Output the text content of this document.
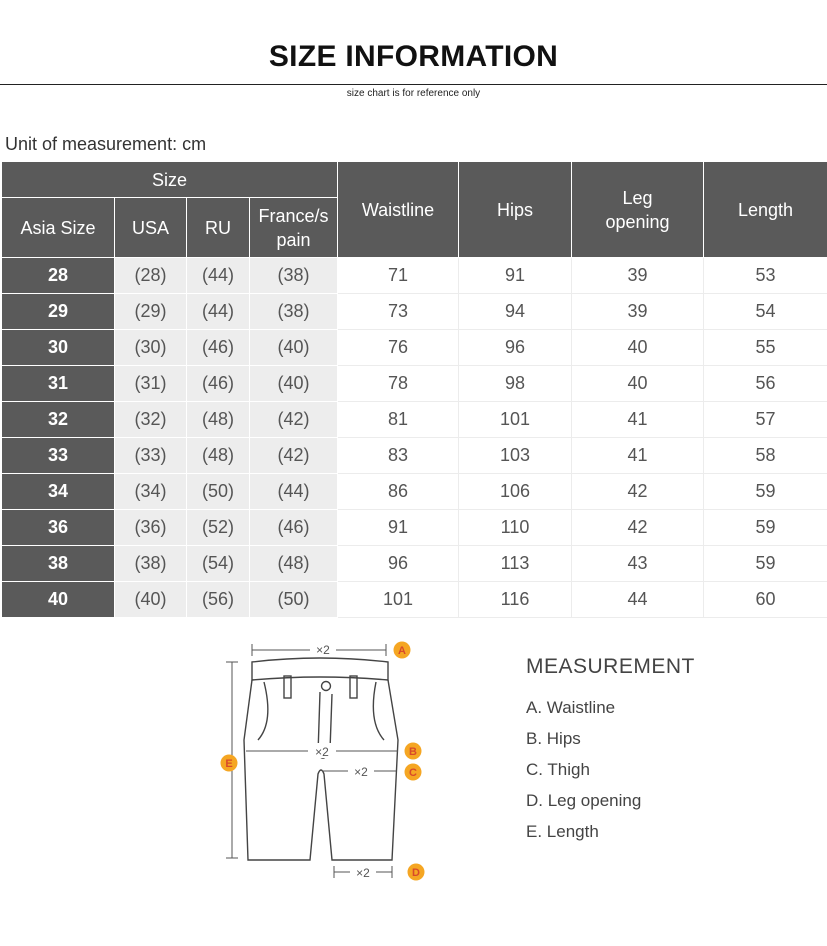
SIZE INFORMATION
size chart is for reference only
Unit of measurement: cm
Size				Waistline	Hips	Leg
opening	Length
Asia Size	USA	RU	France/s
pain				
28	(28)	(44)	(38)	71	91	39	53
29	(29)	(44)	(38)	73	94	39	54
30	(30)	(46)	(40)	76	96	40	55
31	(31)	(46)	(40)	78	98	40	56
32	(32)	(48)	(42)	81	101	41	57
33	(33)	(48)	(42)	83	103	41	58
34	(34)	(50)	(44)	86	106	42	59
36	(36)	(52)	(46)	91	110	42	59
38	(38)	(54)	(48)	96	113	43	59
40	(40)	(56)	(50)	101	116	44	60
×2
×2
×2
×2
A
B
C
D
E
MEASUREMENT
A. Waistline
B. Hips
C. Thigh
D. Leg opening
E. Length
